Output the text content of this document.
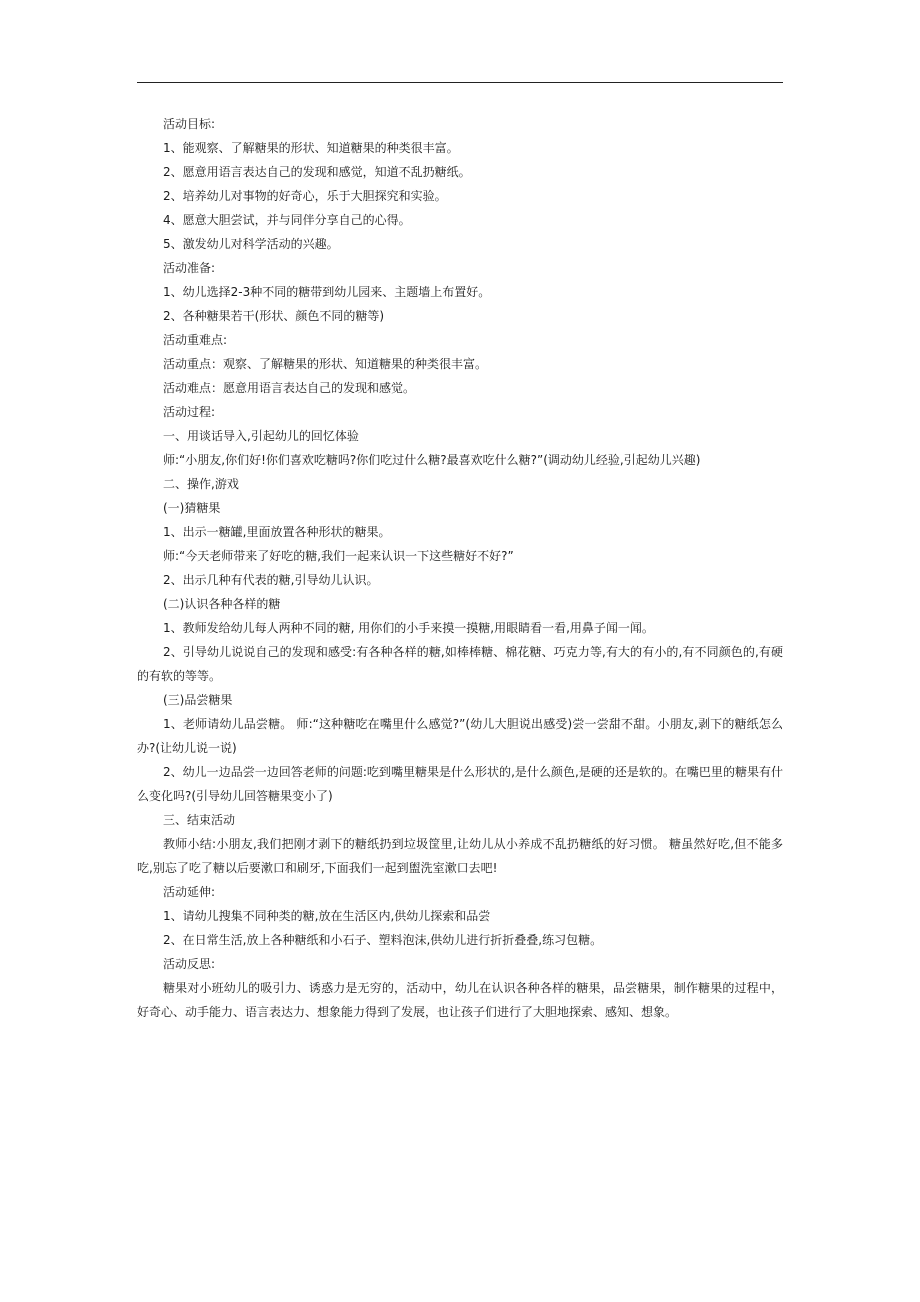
活动目标:

1、能观察、了解糖果的形状、知道糖果的种类很丰富。

2、愿意用语言表达自己的发现和感觉，知道不乱扔糖纸。

2、培养幼儿对事物的好奇心，乐于大胆探究和实验。

4、愿意大胆尝试，并与同伴分享自己的心得。

5、激发幼儿对科学活动的兴趣。

活动准备:

1、幼儿选择2-3种不同的糖带到幼儿园来、主题墙上布置好。

2、各种糖果若干(形状、颜色不同的糖等)

活动重难点:

活动重点：观察、了解糖果的形状、知道糖果的种类很丰富。

活动难点：愿意用语言表达自己的发现和感觉。

活动过程:

一、用谈话导入,引起幼儿的回忆体验

师:“小朋友,你们好!你们喜欢吃糖吗?你们吃过什么糖?最喜欢吃什么糖?”(调动幼儿经验,引起幼儿兴趣)

二、操作,游戏

(一)猜糖果

1、出示一糖罐,里面放置各种形状的糖果。

师:“今天老师带来了好吃的糖,我们一起来认识一下这些糖好不好?”

2、出示几种有代表的糖,引导幼儿认识。

(二)认识各种各样的糖

1、教师发给幼儿每人两种不同的糖, 用你们的小手来摸一摸糖,用眼睛看一看,用鼻子闻一闻。

2、引导幼儿说说自己的发现和感受:有各种各样的糖,如棒棒糖、棉花糖、巧克力等,有大的有小的,有不同颜色的,有硬的有软的等等。

(三)品尝糖果

1、老师请幼儿品尝糖。 师:“这种糖吃在嘴里什么感觉?”(幼儿大胆说出感受)尝一尝甜不甜。小朋友,剥下的糖纸怎么办?(让幼儿说一说)

2、幼儿一边品尝一边回答老师的问题:吃到嘴里糖果是什么形状的,是什么颜色,是硬的还是软的。在嘴巴里的糖果有什么变化吗?(引导幼儿回答糖果变小了)

三、结束活动

教师小结:小朋友,我们把刚才剥下的糖纸扔到垃圾筐里,让幼儿从小养成不乱扔糖纸的好习惯。 糖虽然好吃,但不能多吃,别忘了吃了糖以后要漱口和刷牙,下面我们一起到盥洗室漱口去吧!

活动延伸:

1、请幼儿搜集不同种类的糖,放在生活区内,供幼儿探索和品尝

2、在日常生活,放上各种糖纸和小石子、塑料泡沫,供幼儿进行折折叠叠,练习包糖。

活动反思:

糖果对小班幼儿的吸引力、诱惑力是无穷的，活动中，幼儿在认识各种各样的糖果，品尝糖果，制作糖果的过程中，好奇心、动手能力、语言表达力、想象能力得到了发展，也让孩子们进行了大胆地探索、感知、想象。
